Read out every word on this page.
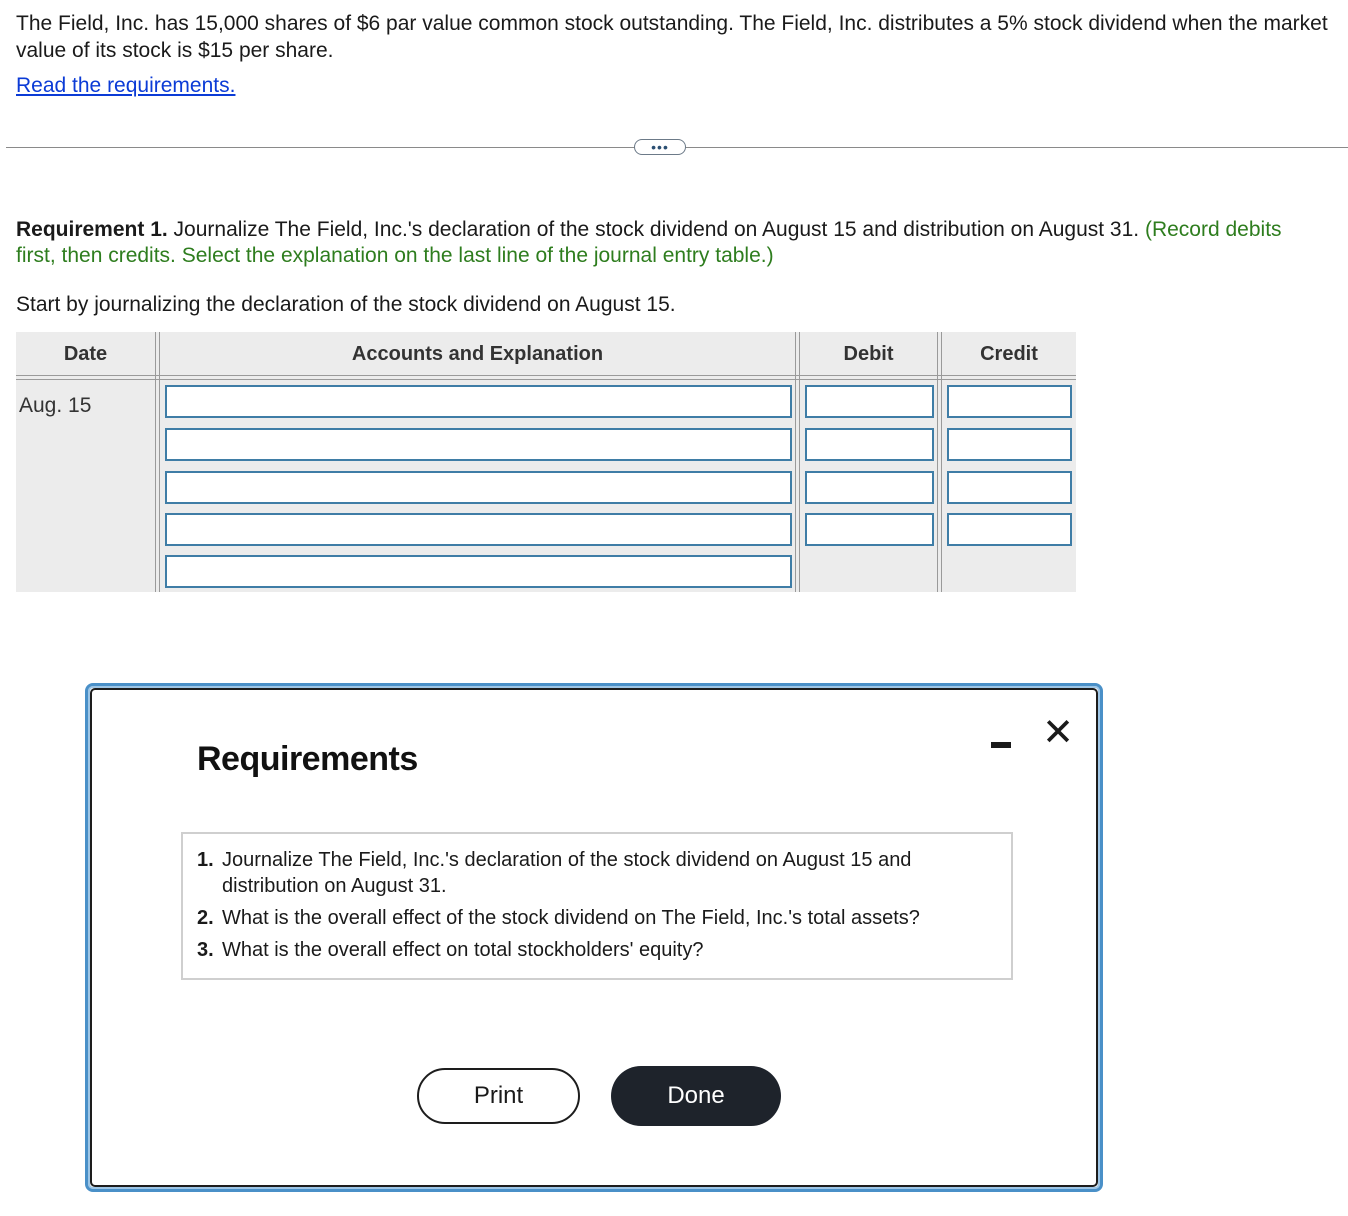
The Field, Inc. has 15,000 shares of $6 par value common stock outstanding. The Field, Inc. distributes a 5% stock dividend when the market value of its stock is $15 per share.

Read the requirements.
•••

Requirement 1. Journalize The Field, Inc.'s declaration of the stock dividend on August 15 and distribution on August 31. (Record debits first, then credits. Select the explanation on the last line of the journal entry table.)

Start by journalizing the declaration of the stock dividend on August 15.

Date	Accounts and Explanation	Debit	Credit
Aug. 15
Requirements
✕
1. Journalize The Field, Inc.'s declaration of the stock dividend on August 15 and distribution on August 31.
2. What is the overall effect of the stock dividend on The Field, Inc.'s total assets?
3. What is the overall effect on total stockholders' equity?
Print	Done
